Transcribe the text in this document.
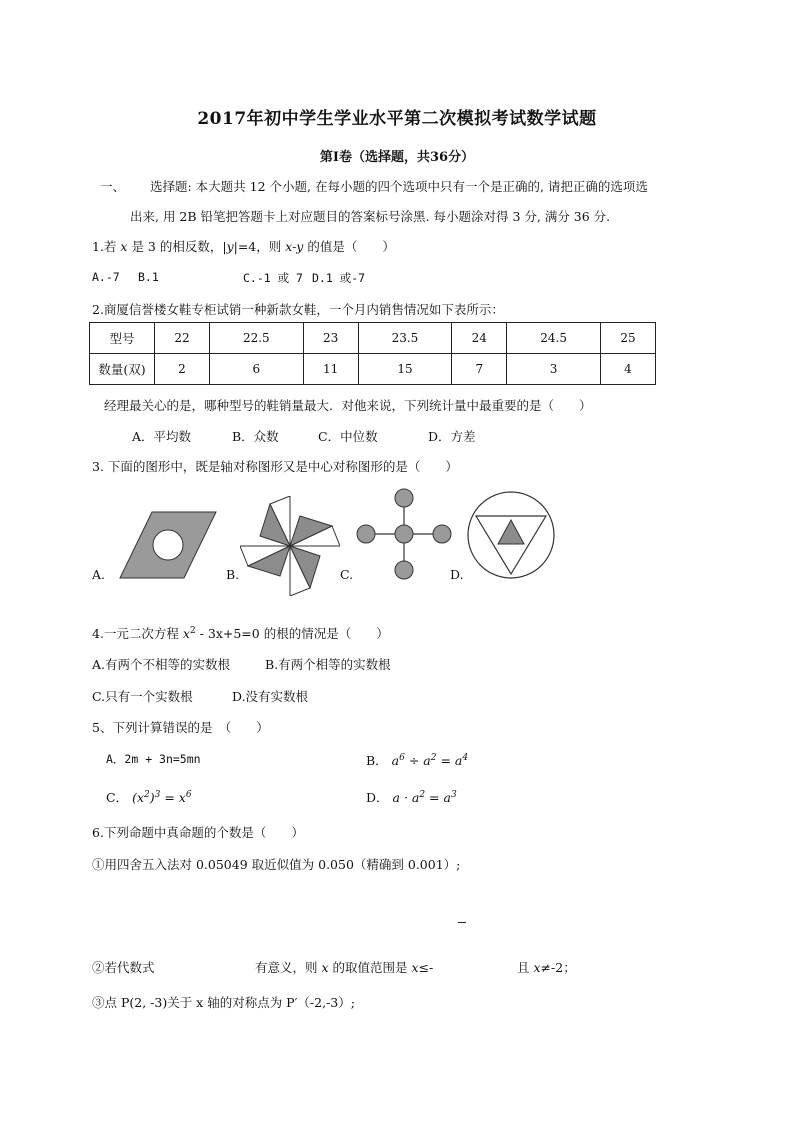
2017年初中学生学业水平第二次模拟考试数学试题
第Ⅰ卷（选择题，共36分）
一、 选择题: 本大题共 12 个小题, 在每小题的四个选项中只有一个是正确的, 请把正确的选项选
出来, 用 2B 铅笔把答题卡上对应题目的答案标号涂黑. 每小题涂对得 3 分, 满分 36 分.
1.若 x 是 3 的相反数，|y|=4，则 x-y 的值是（　　）
A.-7 B.1	C.-1 或 7 D.1 或-7
2.商厦信誉楼女鞋专柜试销一种新款女鞋，一个月内销售情况如下表所示：
型号	22	22.5	23	23.5	24	24.5	25
数量(双)	2	6	11	15	7	3	4
经理最关心的是，哪种型号的鞋销量最大．对他来说，下列统计量中最重要的是（　　）
A．平均数	B．众数	C．中位数	D．方差
3. 下面的图形中，既是轴对称图形又是中心对称图形的是（　　）
A.	B.	C.	D.
4.一元二次方程 $x^2 - 3x+5=0$ 的根的情况是（　　）
A.有两个不相等的实数根	B.有两个相等的实数根
C.只有一个实数根	D.没有实数根
5、下列计算错误的是　（　　）
A．2m + 3n=5mn	B． $a^6 \div a^2 = a^4$
C． $(x^2)^3 = x^6$	D． $a \cdot a^2 = a^3$
6.下列命题中真命题的个数是（　　）
①用四舍五入法对 0.05049 取近似值为 0.050（精确到 0.001）;
②若代数式	有意义，则 x 的取值范围是 x≤-	且 x≠-2；
③点 P(2, -3)关于 x 轴的对称点为 P′（-2,-3）;
